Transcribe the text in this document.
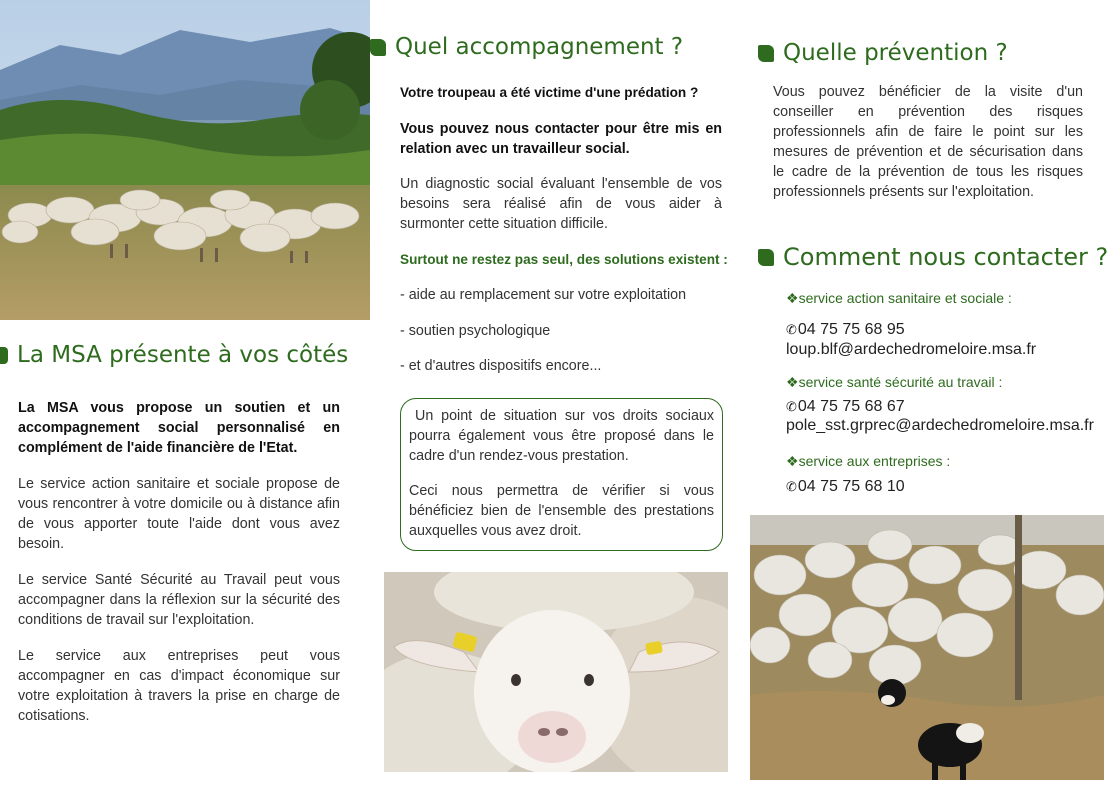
La MSA présente à vos côtés
La MSA vous propose un soutien et un accompagnement social personnalisé en complément de l'aide financière de l'Etat.
Le service action sanitaire et sociale propose de vous rencontrer à votre domicile ou à distance afin de vous apporter toute l'aide dont vous avez besoin.
Le service Santé Sécurité au Travail peut vous accompagner dans la réflexion sur la sécurité des conditions de travail sur l'exploitation.
Le service aux entreprises peut vous accompagner en cas d'impact économique sur votre exploitation à travers la prise en charge de cotisations.
Quel accompagnement ?
Votre troupeau a été victime d'une prédation ?
Vous pouvez nous contacter pour être mis en relation avec un travailleur social.
Un diagnostic social évaluant l'ensemble de vos besoins sera réalisé afin de vous aider à surmonter cette situation difficile.
Surtout ne restez pas seul, des solutions existent :
- aide au remplacement sur votre exploitation
- soutien psychologique
- et d'autres dispositifs encore...

Un point de situation sur vos droits sociaux pourra également vous être proposé dans le cadre d'un rendez-vous prestation.

Ceci nous permettra de vérifier si vous bénéficiez bien de l'ensemble des prestations auxquelles vous avez droit.

Quelle prévention ?
Vous pouvez bénéficier de la visite d'un conseiller en prévention des risques professionnels afin de faire le point sur les mesures de prévention et de sécurisation dans le cadre de la prévention de tous les risques professionnels présents sur l'exploitation.
Comment nous contacter ?
❖service action sanitaire et sociale :
✆04 75 75 68 95
loup.blf@ardechedromeloire.msa.fr
❖service santé sécurité au travail :
✆04 75 75 68 67
pole_sst.grprec@ardechedromeloire.msa.fr
❖service aux entreprises :
✆04 75 75 68 10
